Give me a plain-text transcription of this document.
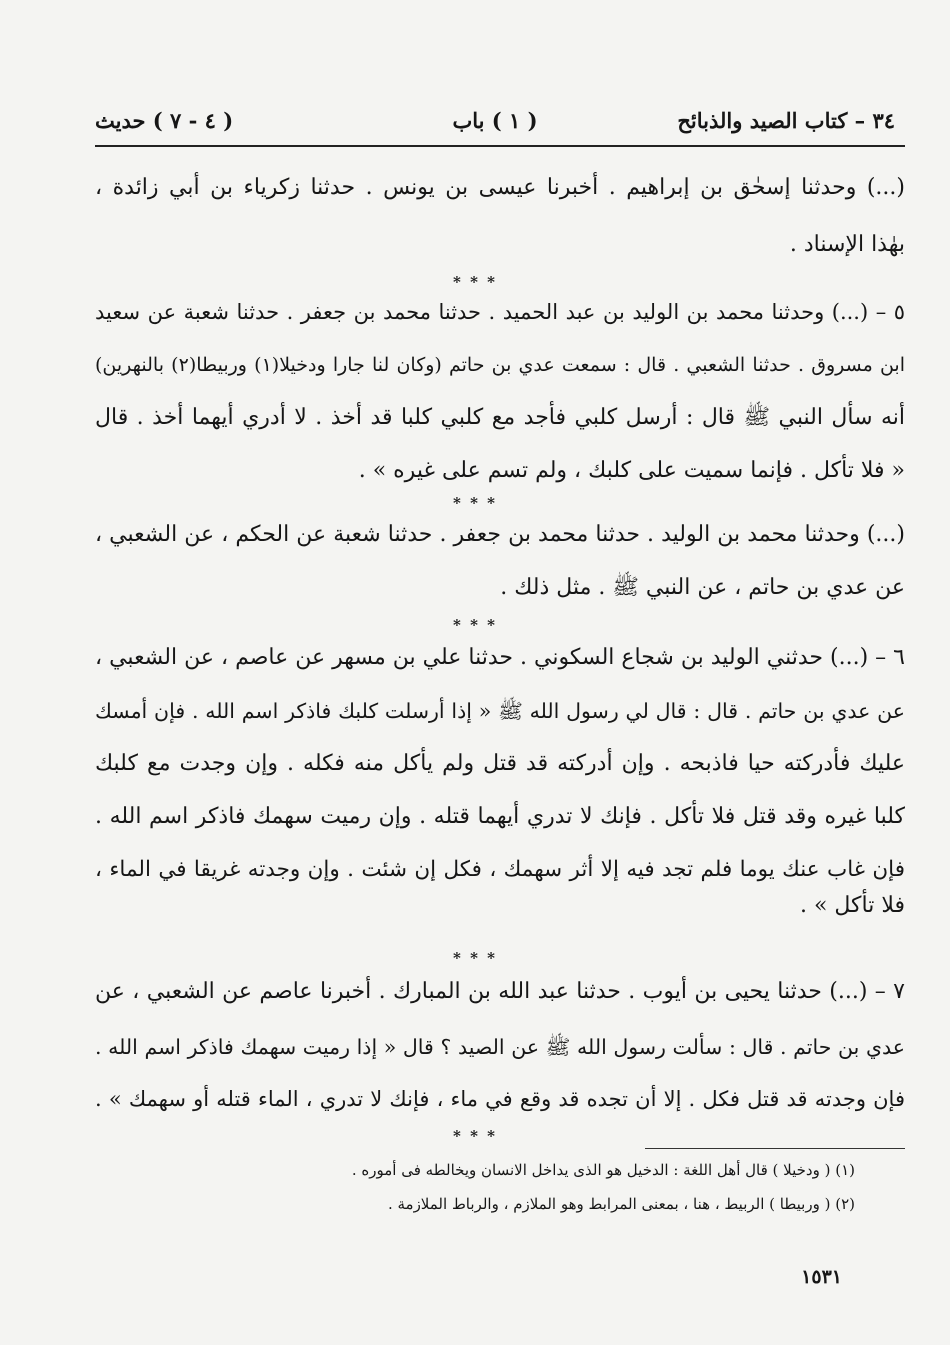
٣٤ – كتاب الصيد والذبائح
( ١ ) باب
( ٤ - ٧ ) حديث
(...) وحدثنا إسحٰق بن إبراهيم . أخبرنا عيسى بن يونس . حدثنا زكرياء بن أبي زائدة ،
بهٰذا الإسناد .
* * *
٥ – (...) وحدثنا محمد بن الوليد بن عبد الحميد . حدثنا محمد بن جعفر . حدثنا شعبة عن سعيد
ابن مسروق . حدثنا الشعبي . قال : سمعت عدي بن حاتم (وكان لنا جارا ودخيلا(١) وربيطا(٢) بالنهرين)
أنه سأل النبي ﷺ قال : أرسل كلبي فأجد مع كلبي كلبا قد أخذ . لا أدري أيهما أخذ . قال
« فلا تأكل . فإنما سميت على كلبك ، ولم تسم على غيره » .
* * *
(...) وحدثنا محمد بن الوليد . حدثنا محمد بن جعفر . حدثنا شعبة عن الحكم ، عن الشعبي ،
عن عدي بن حاتم ، عن النبي ﷺ . مثل ذلك .
* * *
٦ – (...) حدثني الوليد بن شجاع السكوني . حدثنا علي بن مسهر عن عاصم ، عن الشعبي ،
عن عدي بن حاتم . قال : قال لي رسول الله ﷺ « إذا أرسلت كلبك فاذكر اسم الله . فإن أمسك
عليك فأدركته حيا فاذبحه . وإن أدركته قد قتل ولم يأكل منه فكله . وإن وجدت مع كلبك
كلبا غيره وقد قتل فلا تأكل . فإنك لا تدري أيهما قتله . وإن رميت سهمك فاذكر اسم الله .
فإن غاب عنك يوما فلم تجد فيه إلا أثر سهمك ، فكل إن شئت . وإن وجدته غريقا في الماء ،
فلا تأكل » .
* * *
٧ – (...) حدثنا يحيى بن أيوب . حدثنا عبد الله بن المبارك . أخبرنا عاصم عن الشعبي ، عن
عدي بن حاتم . قال : سألت رسول الله ﷺ عن الصيد ؟ قال « إذا رميت سهمك فاذكر اسم الله .
فإن وجدته قد قتل فكل . إلا أن تجده قد وقع في ماء ، فإنك لا تدري ، الماء قتله أو سهمك » .
* * *
(١) ( ودخيلا ) قال أهل اللغة : الدخيل هو الذى يداخل الانسان ويخالطه فى أموره .
(٢) ( وربيطا ) الربيط ، هنا ، بمعنى المرابط وهو الملازم ، والرباط الملازمة .
١٥٣١
